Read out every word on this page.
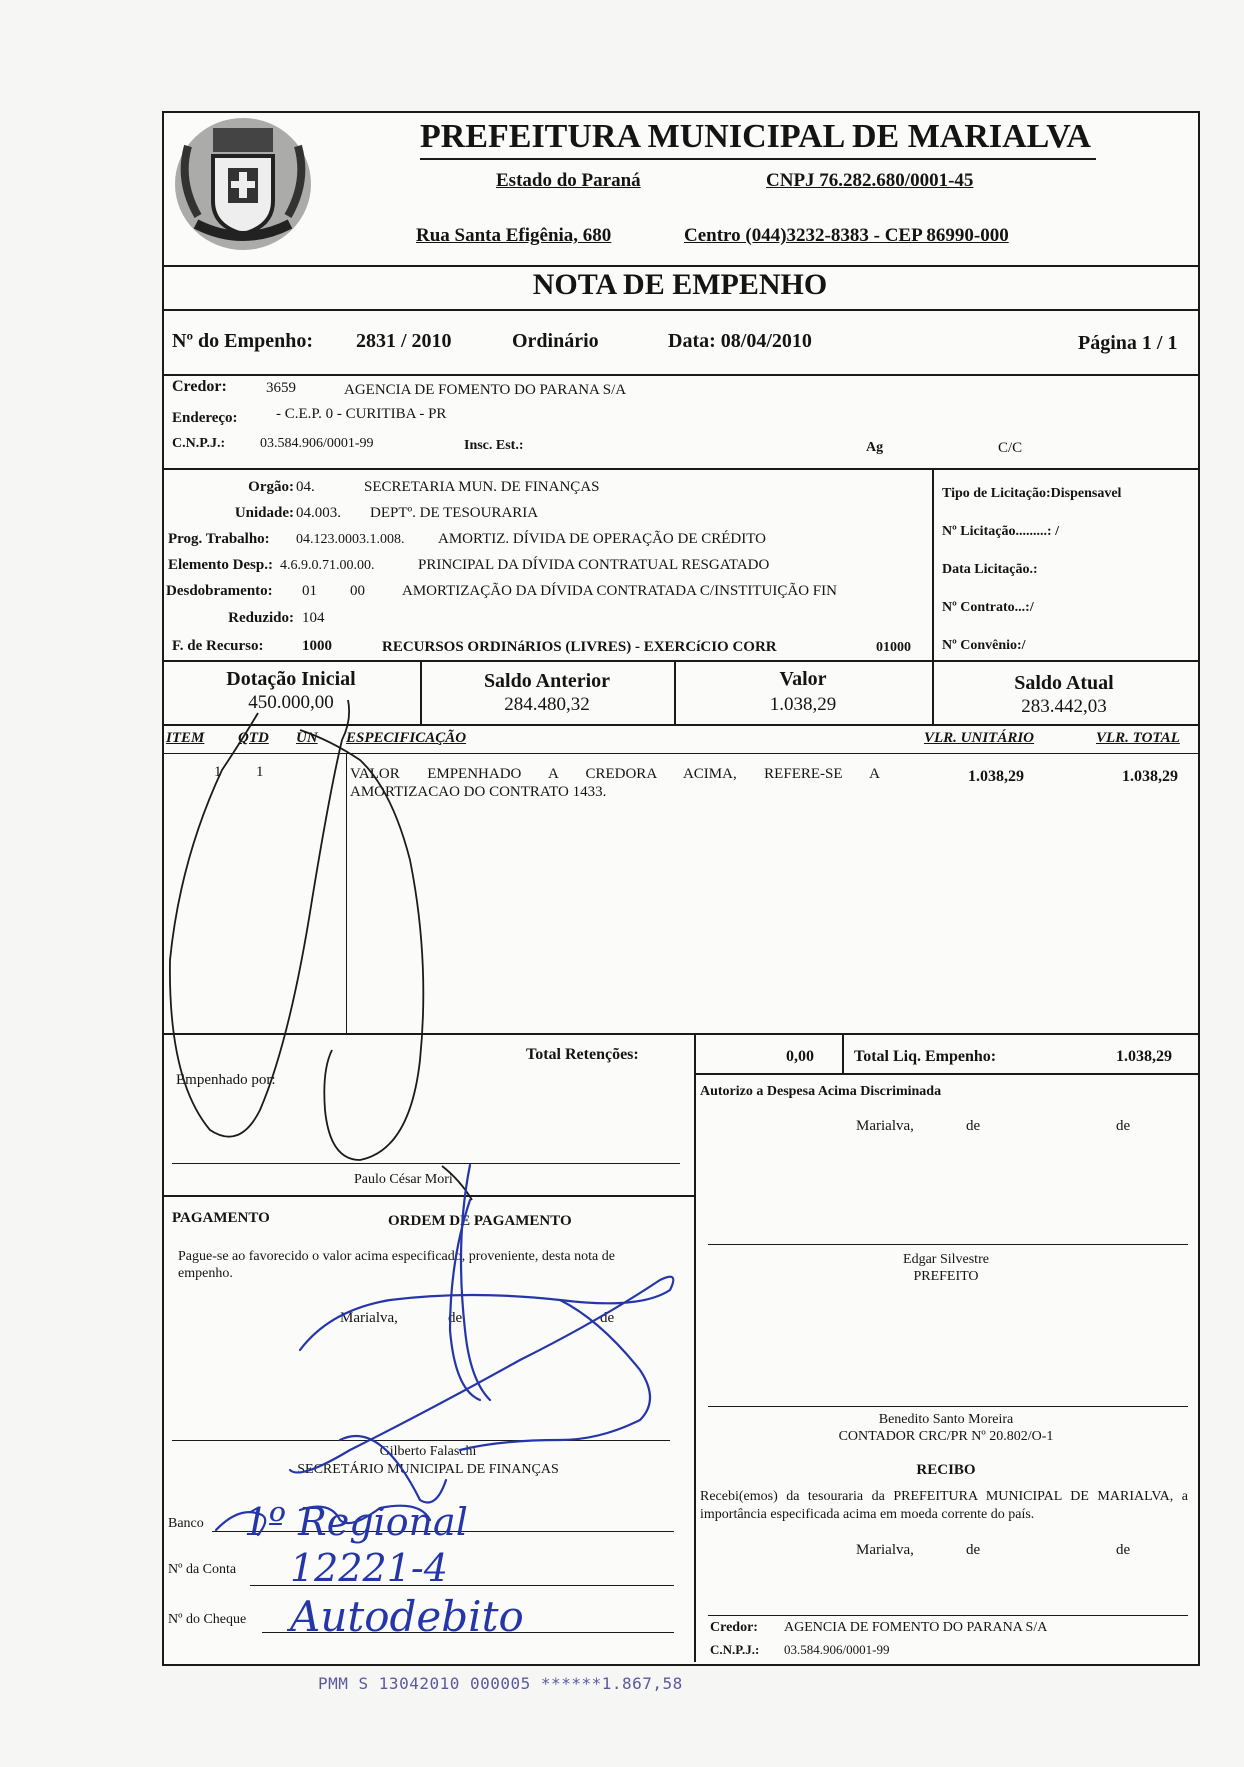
PREFEITURA MUNICIPAL DE MARIALVA
Estado do Paraná	CNPJ 76.282.680/0001-45
Rua Santa Efigênia, 680	Centro (044)3232-8383 - CEP 86990-000
NOTA DE EMPENHO
Nº do Empenho: 2831 / 2010	Ordinário	Data: 08/04/2010	Página 1 / 1
Credor:	3659	AGENCIA DE FOMENTO DO PARANA S/A
Endereço:	- C.E.P. 0 - CURITIBA - PR
C.N.P.J.: 03.584.906/0001-99	Insc. Est.:	Ag	C/C
Orgão: 04.	SECRETARIA MUN. DE FINANÇAS
Unidade: 04.003. DEPTº. DE TESOURARIA
Prog. Trabalho: 04.123.0003.1.008. AMORTIZ. DÍVIDA DE OPERAÇÃO DE CRÉDITO
Elemento Desp.: 4.6.9.0.71.00.00.	PRINCIPAL DA DÍVIDA CONTRATUAL RESGATADO
Desdobramento: 01 00 AMORTIZAÇÃO DA DÍVIDA CONTRATADA C/INSTITUIÇÃO FIN
Reduzido: 104
F. de Recurso:	1000	RECURSOS ORDINáRIOS (LIVRES) - EXERCíCIO CORR	01000
Tipo de Licitação:Dispensavel
Nº Licitação.........: /
Data Licitação.:
Nº Contrato...:/
Nº Convênio:/
Dotação Inicial
450.000,00
Saldo Anterior
284.480,32
Valor
1.038,29
Saldo Atual
283.442,03
ITEM QTD UN ESPECIFICAÇÃO	VLR. UNITÁRIO	VLR. TOTAL
1 1	VALOR EMPENHADO A CREDORA ACIMA, REFERE-SE A
AMORTIZACAO DO CONTRATO 1433.
1.038,29	1.038,29
Total Retenções:	0,00	Total Liq. Empenho:	1.038,29
Empenhado por:
Paulo César Mori
Autorizo a Despesa Acima Discriminada
Marialva,	de	de
Edgar Silvestre
PREFEITO
Benedito Santo Moreira
CONTADOR CRC/PR Nº 20.802/O-1
PAGAMENTO	ORDEM DE PAGAMENTO
Pague-se ao favorecido o valor acima especificado, proveniente, desta nota de empenho.
Marialva,	de	de
Gilberto Falaschi
SECRETÁRIO MUNICIPAL DE FINANÇAS
Banco 1º Regional
Nº da Conta 12221-4
Nº do Cheque Autodebito
RECIBO
Recebi(emos) da tesouraria da PREFEITURA MUNICIPAL DE MARIALVA, a importância especificada acima em moeda corrente do país.
Marialva,	de	de
Credor: AGENCIA DE FOMENTO DO PARANA S/A
C.N.P.J.: 03.584.906/0001-99
PMM S 13042010 000005 ******1.867,58
